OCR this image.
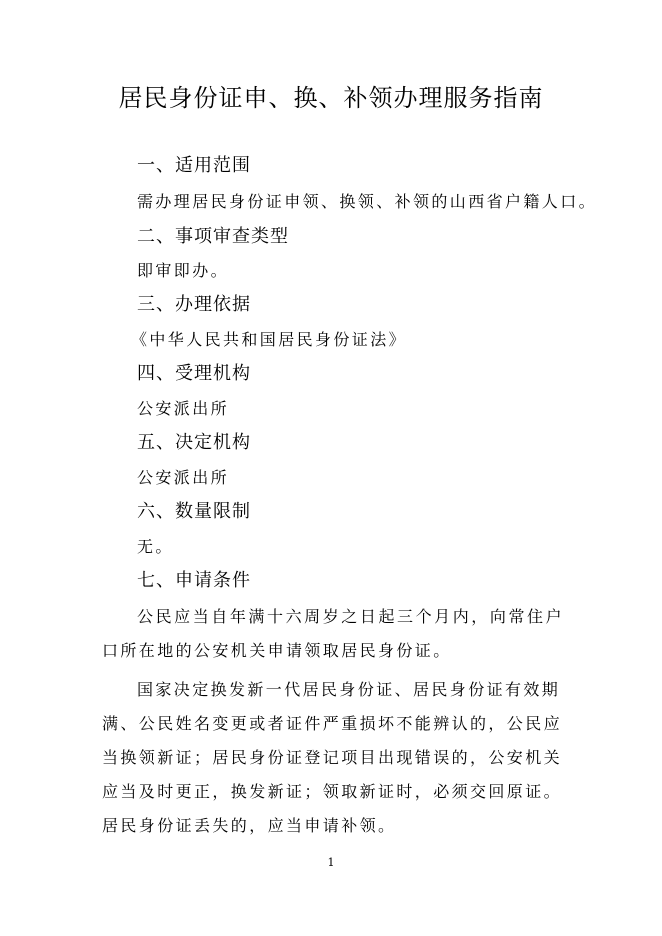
居民身份证申、换、补领办理服务指南
一、适用范围
需办理居民身份证申领、换领、补领的山西省户籍人口。
二、事项审查类型
即审即办。
三、办理依据
《中华人民共和国居民身份证法》
四、受理机构
公安派出所
五、决定机构
公安派出所
六、数量限制
无。
七、申请条件
公民应当自年满十六周岁之日起三个月内，向常住户口所在地的公安机关申请领取居民身份证。
国家决定换发新一代居民身份证、居民身份证有效期满、公民姓名变更或者证件严重损坏不能辨认的，公民应当换领新证；居民身份证登记项目出现错误的，公安机关应当及时更正，换发新证；领取新证时，必须交回原证。居民身份证丢失的，应当申请补领。
1
